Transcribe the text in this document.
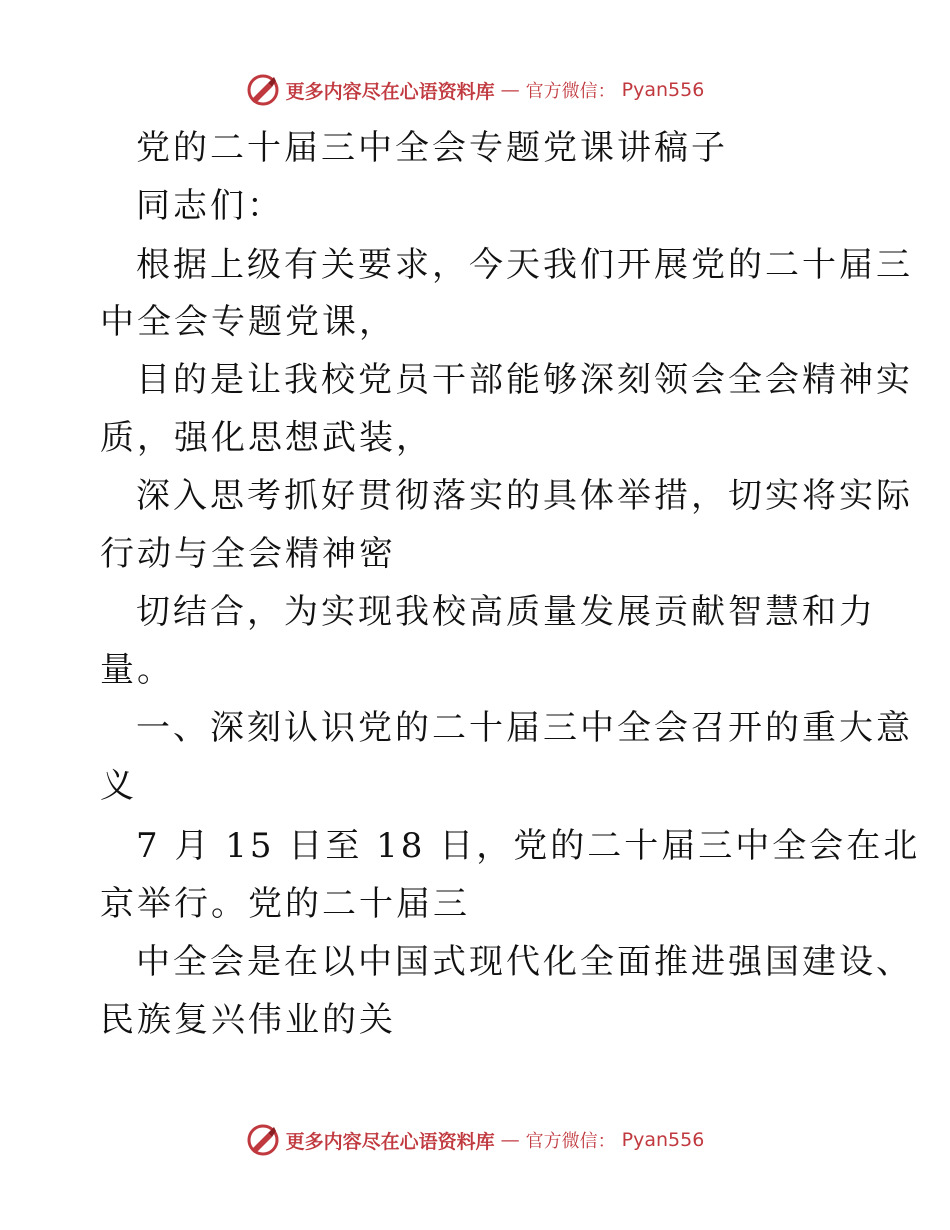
更多内容尽在心语资料库 — 官方微信： Pyan556
党的二十届三中全会专题党课讲稿子
同志们：
根据上级有关要求，今天我们开展党的二十届三
中全会专题党课，
目的是让我校党员干部能够深刻领会全会精神实
质，强化思想武装，
深入思考抓好贯彻落实的具体举措，切实将实际
行动与全会精神密
切结合，为实现我校高质量发展贡献智慧和力
量。
一、深刻认识党的二十届三中全会召开的重大意
义
7 月 15 日至 18 日，党的二十届三中全会在北
京举行。党的二十届三
中全会是在以中国式现代化全面推进强国建设、
民族复兴伟业的关
更多内容尽在心语资料库 — 官方微信： Pyan556
